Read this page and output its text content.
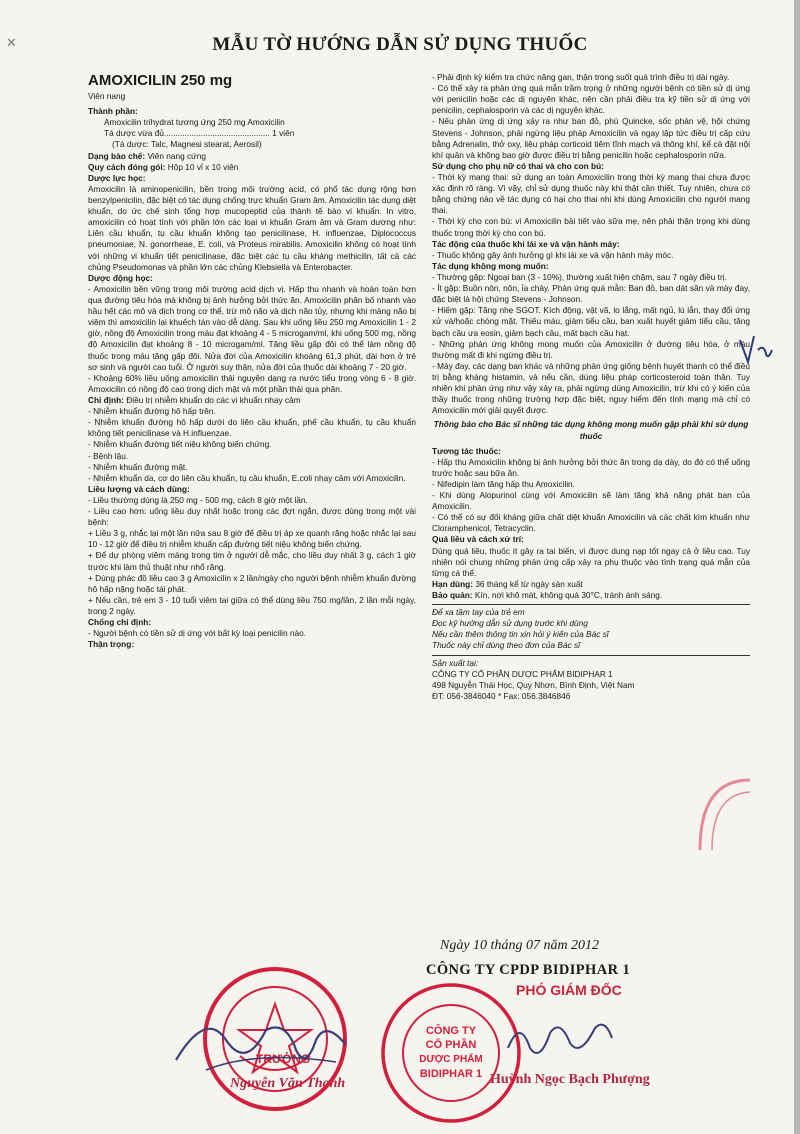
✕	MẪU TỜ HƯỚNG DẪN SỬ DỤNG THUỐC
AMOXICILIN 250 mg
Viên nang
Thành phần:
Amoxicilin trihydrat tương ứng 250 mg Amoxicilin
Tá dược vừa đủ.............................................. 1 viên
(Tá dược: Talc, Magnesi stearat, Aerosil)
Dạng bào chế: Viên nang cứng
Quy cách đóng gói: Hộp 10 vỉ x 10 viên
Dược lực học:
Amoxicilin là aminopenicilin, bền trong môi trường acid, có phổ tác dụng rộng hơn benzylpenicilin, đặc biệt có tác dụng chống trực khuẩn Gram âm. Amoxicilin tác dụng diệt khuẩn, do ức chế sinh tổng hợp mucopeptid của thành tế bào vi khuẩn. In vitro, amoxicilin có hoạt tính với phần lớn các loại vi khuẩn Gram âm và Gram dương như: Liên cầu khuẩn, tụ cầu khuẩn không tạo penicilinase, H. influenzae, Diplococcus pneumoniae, N. gonorrheae, E. coli, và Proteus mirabilis. Amoxicilin không có hoạt tính với những vi khuẩn tiết penicilinase, đặc biệt các tụ cầu kháng methicilin, tất cả các chủng Pseudomonas và phần lớn các chủng Klebsiella và Enterobacter.
Dược động học:
- Amoxicilin bền vững trong môi trường acid dịch vị. Hấp thu nhanh và hoàn toàn hơn qua đường tiêu hóa mà không bị ảnh hưởng bởi thức ăn. Amoxicilin phân bố nhanh vào hầu hết các mô và dịch trong cơ thể, trừ mô não và dịch não tủy, nhưng khi màng não bị viêm thì amoxicilin lại khuếch tán vào dễ dàng. Sau khi uống liều 250 mg Amoxicilin 1 - 2 giờ, nồng độ Amoxicilin trong máu đạt khoảng 4 - 5 microgam/ml, khi uống 500 mg, nồng độ Amoxicilin đạt khoảng 8 - 10 microgam/ml. Tăng liều gấp đôi có thể làm nồng độ thuốc trong máu tăng gấp đôi. Nửa đời của Amoxicilin khoảng 61,3 phút, dài hơn ở trẻ sơ sinh và người cao tuổi. Ở người suy thận, nửa đời của thuốc dài khoảng 7 - 20 giờ.
- Khoảng 60% liều uống amoxicilin thải nguyên dạng ra nước tiểu trong vòng 6 - 8 giờ. Amoxicilin có nồng độ cao trong dịch mật và một phần thải qua phân.
Chỉ định: Điều trị nhiễm khuẩn do các vi khuẩn nhạy cảm
- Nhiễm khuẩn đường hô hấp trên.
- Nhiễm khuẩn đường hô hấp dưới do liên cầu khuẩn, phế cầu khuẩn, tụ cầu khuẩn không tiết penicilinase và H.influenzae.
- Nhiễm khuẩn đường tiết niệu không biến chứng.
- Bệnh lậu.
- Nhiễm khuẩn đường mật.
- Nhiễm khuẩn da, cơ do liên cầu khuẩn, tụ cầu khuẩn, E.coli nhạy cảm với Amoxicilin.
Liều lượng và cách dùng:
- Liều thường dùng là 250 mg - 500 mg, cách 8 giờ một lần.
- Liều cao hơn: uống liều duy nhất hoặc trong các đợt ngắn, được dùng trong một vài bệnh:
+ Liều 3 g, nhắc lại một lần nữa sau 8 giờ để điều trị áp xe quanh răng hoặc nhắc lại sau 10 - 12 giờ để điều trị nhiễm khuẩn cấp đường tiết niệu không biến chứng.
+ Để dự phòng viêm màng trong tim ở người dễ mắc, cho liều duy nhất 3 g, cách 1 giờ trước khi làm thủ thuật như nhổ răng.
+ Dùng phác đồ liều cao 3 g Amoxicilin x 2 lần/ngày cho người bệnh nhiễm khuẩn đường hô hấp nặng hoặc tái phát.
+ Nếu cần, trẻ em 3 - 10 tuổi viêm tai giữa có thể dùng liều 750 mg/lần, 2 lần mỗi ngày, trong 2 ngày.
Chống chỉ định:
- Người bệnh có tiền sử dị ứng với bất kỳ loại penicilin nào.
Thận trọng:
- Phải định kỳ kiểm tra chức năng gan, thận trong suốt quá trình điều trị dài ngày.
- Có thể xảy ra phản ứng quá mẫn trầm trọng ở những người bệnh có tiền sử dị ứng với penicilin hoặc các dị nguyên khác, nên cần phải điều tra kỹ tiền sử dị ứng với penicilin, cephalosporin và các dị nguyên khác.
- Nếu phản ứng dị ứng xảy ra như ban đỏ, phù Quincke, sốc phản vệ, hội chứng Stevens - Johnson, phải ngừng liệu pháp Amoxicilin và ngay lập tức điều trị cấp cứu bằng Adrenalin, thở oxy, liệu pháp corticoid tiêm tĩnh mạch và thông khí, kể cả đặt nội khí quản và không bao giờ được điều trị bằng penicilin hoặc cephalosporin nữa.
Sử dụng cho phụ nữ có thai và cho con bú:
- Thời kỳ mang thai: sử dụng an toàn Amoxicilin trong thời kỳ mang thai chưa được xác định rõ ràng. Vì vậy, chỉ sử dụng thuốc này khi thật cần thiết. Tuy nhiên, chưa có bằng chứng nào về tác dụng có hại cho thai nhi khi dùng Amoxicilin cho người mang thai.
- Thời kỳ cho con bú: vì Amoxicilin bài tiết vào sữa mẹ, nên phải thận trọng khi dùng thuốc trong thời kỳ cho con bú.
Tác động của thuốc khi lái xe và vận hành máy:
- Thuốc không gây ảnh hưởng gì khi lái xe và vận hành máy móc.
Tác dụng không mong muốn:
- Thường gặp: Ngoại ban (3 - 10%), thường xuất hiện chậm, sau 7 ngày điều trị.
- Ít gặp: Buồn nôn, nôn, ỉa chảy. Phản ứng quá mẫn: Ban đỏ, ban dát sần và mày đay, đặc biệt là hội chứng Stevens - Johnson.
- Hiếm gặp: Tăng nhẹ SGOT. Kích động, vật vã, lo lắng, mất ngủ, lú lẫn, thay đổi ứng xử và/hoặc chóng mặt. Thiếu máu, giảm tiểu cầu, ban xuất huyết giảm tiểu cầu, tăng bạch cầu ưa eosin, giảm bạch cầu, mất bạch cầu hạt.
- Những phản ứng không mong muốn của Amoxicilin ở đường tiêu hóa, ở máu thường mất đi khi ngừng điều trị.
- Mày đay, các dạng ban khác và những phản ứng giống bệnh huyết thanh có thể điều trị bằng kháng histamin, và nếu cần, dùng liệu pháp corticosteroid toàn thân. Tuy nhiên khi phản ứng như vậy xảy ra, phải ngừng dùng Amoxicilin, trừ khi có ý kiến của thầy thuốc trong những trường hợp đặc biệt, nguy hiểm đến tính mạng mà chỉ có Amoxicilin mới giải quyết được.
Thông báo cho Bác sĩ những tác dụng không mong muốn gặp phải khi sử dụng thuốc
Tương tác thuốc:
- Hấp thu Amoxicilin không bị ảnh hưởng bởi thức ăn trong dạ dày, do đó có thể uống trước hoặc sau bữa ăn.
- Nifedipin làm tăng hấp thu Amoxicilin.
- Khi dùng Alopurinol cùng với Amoxicilin sẽ làm tăng khả năng phát ban của Amoxicilin.
- Có thể có sự đối kháng giữa chất diệt khuẩn Amoxicilin và các chất kìm khuẩn như Cloramphenicol, Tetracyclin.
Quá liều và cách xử trí:
Dùng quá liều, thuốc ít gây ra tai biến, vì được dung nạp tốt ngay cả ở liều cao. Tuy nhiên nói chung những phản ứng cấp xảy ra phụ thuộc vào tình trạng quá mẫn của từng cá thể.
Hạn dùng: 36 tháng kể từ ngày sản xuất
Bảo quản: Kín, nơi khô mát, không quá 30°C, tránh ánh sáng.
Để xa tầm tay của trẻ em
Đọc kỹ hướng dẫn sử dụng trước khi dùng
Nếu cần thêm thông tin xin hỏi ý kiến của Bác sĩ
Thuốc này chỉ dùng theo đơn của Bác sĩ
Sản xuất tại:
CÔNG TY CỔ PHẦN DƯỢC PHẨM BIDIPHAR 1
498 Nguyễn Thái Học, Quy Nhơn, Bình Định, Việt Nam
ĐT: 056-3846040 * Fax: 056.3846846
Ngày 10 tháng 07 năm 2012
CÔNG TY CPDP BIDIPHAR 1
PHÓ GIÁM ĐỐC
Huỳnh Ngọc Bạch Phượng
TRƯỞNG
Nguyễn Văn Thanh
CÔNG TY
CỔ PHẦN
DƯỢC PHẨM
BIDIPHAR 1
